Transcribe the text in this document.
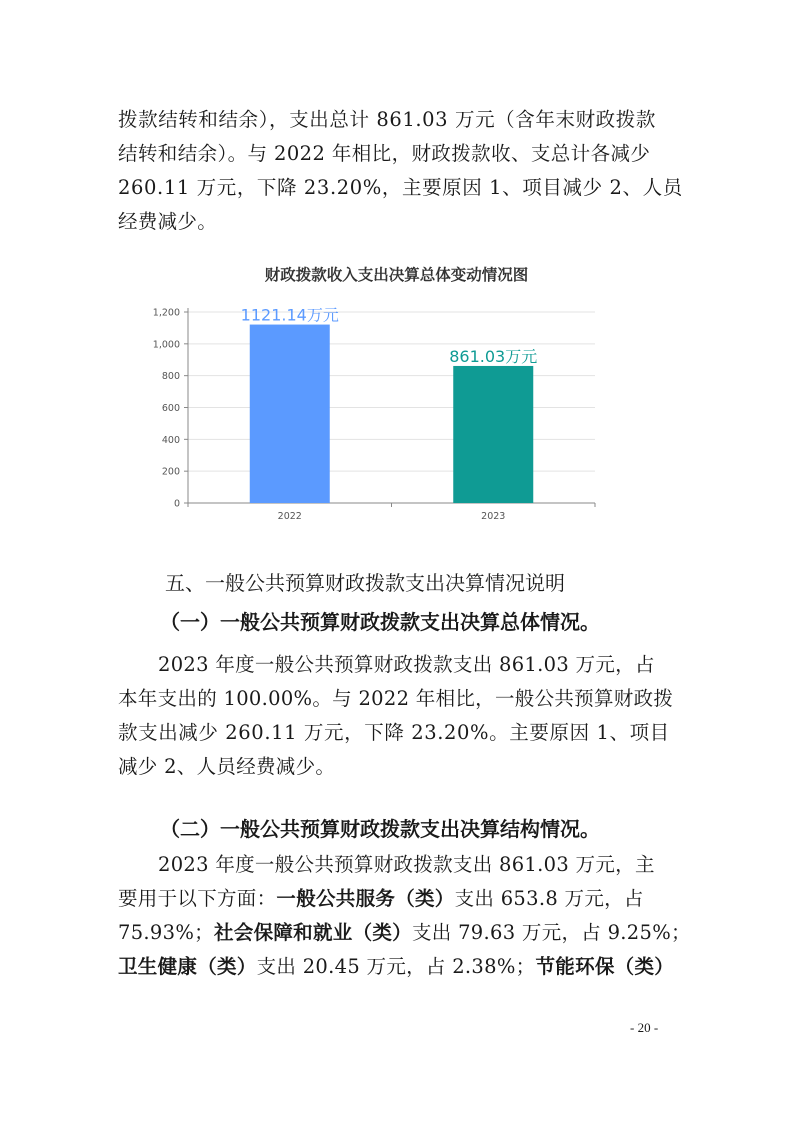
拨款结转和结余），支出总计 861.03 万元（含年末财政拨款
结转和结余）。与 2022 年相比，财政拨款收、支总计各减少
260.11 万元，下降 23.20%，主要原因 1、项目减少 2、人员
经费减少。
财政拨款收入支出决算总体变动情况图
0
200
400
600
800
1,000
1,200	1121.14万元
2022
861.03万元
2023
五、一般公共预算财政拨款支出决算情况说明
（一）一般公共预算财政拨款支出决算总体情况。
2023 年度一般公共预算财政拨款支出 861.03 万元，占
本年支出的 100.00%。与 2022 年相比，一般公共预算财政拨
款支出减少 260.11 万元，下降 23.20%。主要原因 1、项目
减少 2、人员经费减少。
（二）一般公共预算财政拨款支出决算结构情况。
2023 年度一般公共预算财政拨款支出 861.03 万元，主
要用于以下方面：一般公共服务（类）支出 653.8 万元，占
75.93%；社会保障和就业（类）支出 79.63 万元，占 9.25%；
卫生健康（类）支出 20.45 万元，占 2.38%；节能环保（类）
- 20 -
